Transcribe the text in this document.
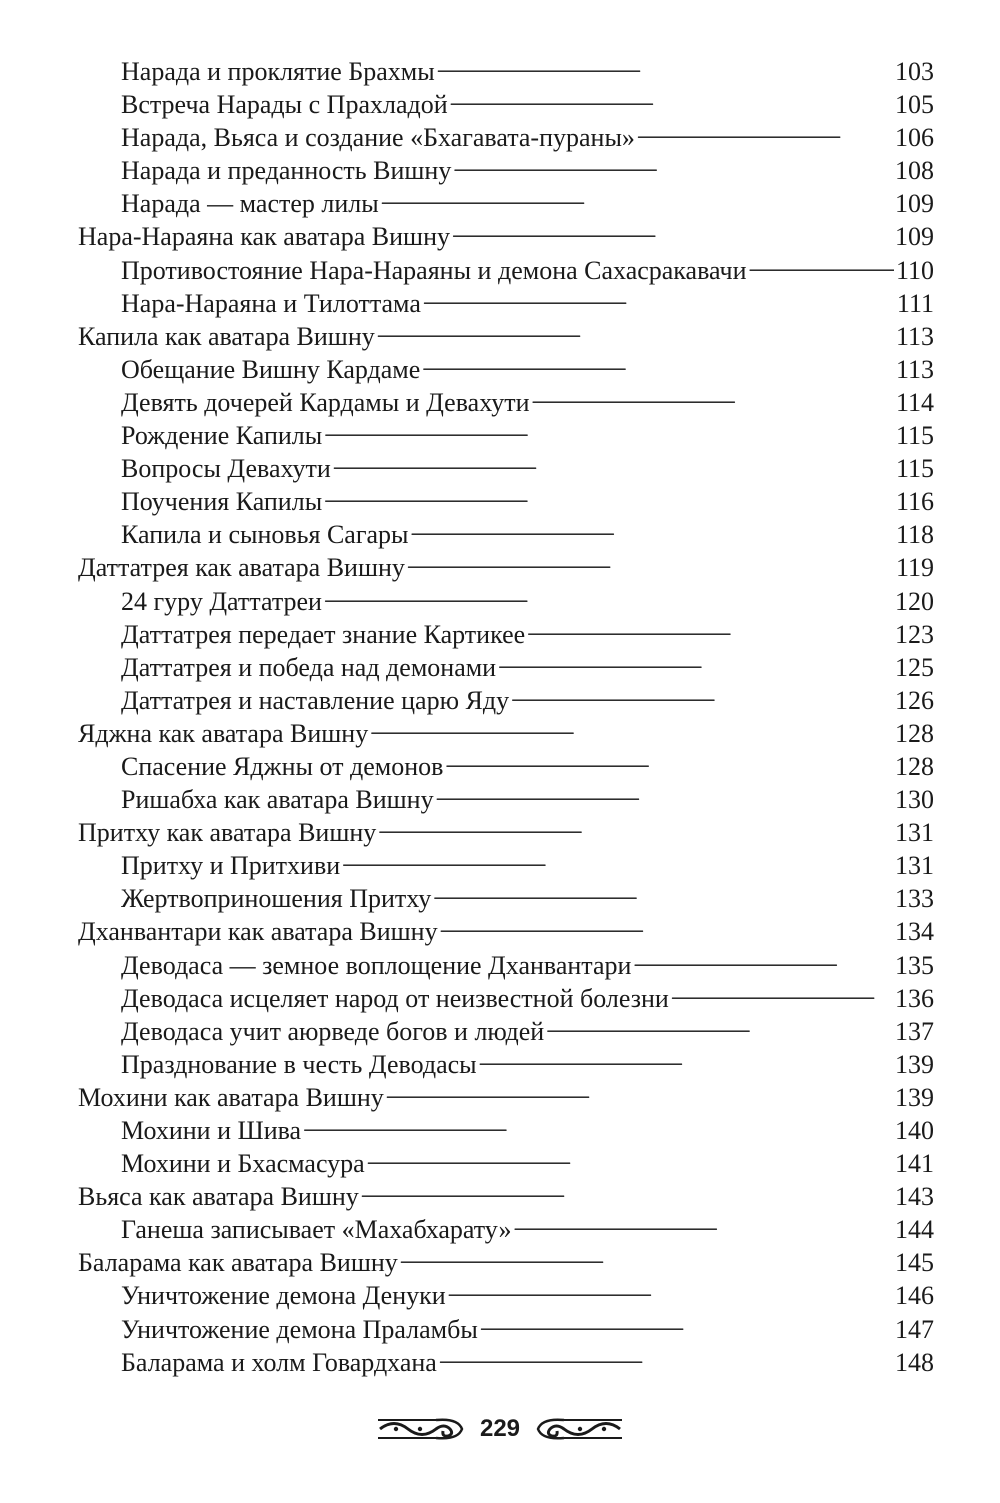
Нарада и проклятие Брахмы . . .	103
Встреча Нарады с Прахладой . . .	105
Нарада, Вьяса и создание «Бхагавата-пураны» . . .	106
Нарада и преданность Вишну . . .	108
Нарада — мастер лилы . . .	109
Нара-Нараяна как аватара Вишну . . .	109
Противостояние Нара-Нараяны и демона Сахасракавачи . . .	110
Нара-Нараяна и Тилоттама . . .	111
Капила как аватара Вишну . . .	113
Обещание Вишну Кардаме . . .	113
Девять дочерей Кардамы и Девахути . . .	114
Рождение Капилы . . .	115
Вопросы Девахути . . .	115
Поучения Капилы . . .	116
Капила и сыновья Сагары . . .	118
Даттатрея как аватара Вишну . . .	119
24 гуру Даттатреи . . .	120
Даттатрея передает знание Картикее . . .	123
Даттатрея и победа над демонами . . .	125
Даттатрея и наставление царю Яду . . .	126
Яджна как аватара Вишну . . .	128
Спасение Яджны от демонов . . .	128
Ришабха как аватара Вишну . . .	130
Притху как аватара Вишну . . .	131
Притху и Притхиви . . .	131
Жертвоприношения Притху . . .	133
Дханвантари как аватара Вишну . . .	134
Деводаса — земное воплощение Дханвантари . . .	135
Деводаса исцеляет народ от неизвестной болезни . . .	136
Деводаса учит аюрведе богов и людей . . .	137
Празднование в честь Деводасы . . .	139
Мохини как аватара Вишну . . .	139
Мохини и Шива . . .	140
Мохини и Бхасмасура . . .	141
Вьяса как аватара Вишну . . .	143
Ганеша записывает «Махабхарату» . . .	144
Баларама как аватара Вишну . . .	145
Уничтожение демона Денуки . . .	146
Уничтожение демона Праламбы . . .	147
Баларама и холм Говардхана . . .	148
229
